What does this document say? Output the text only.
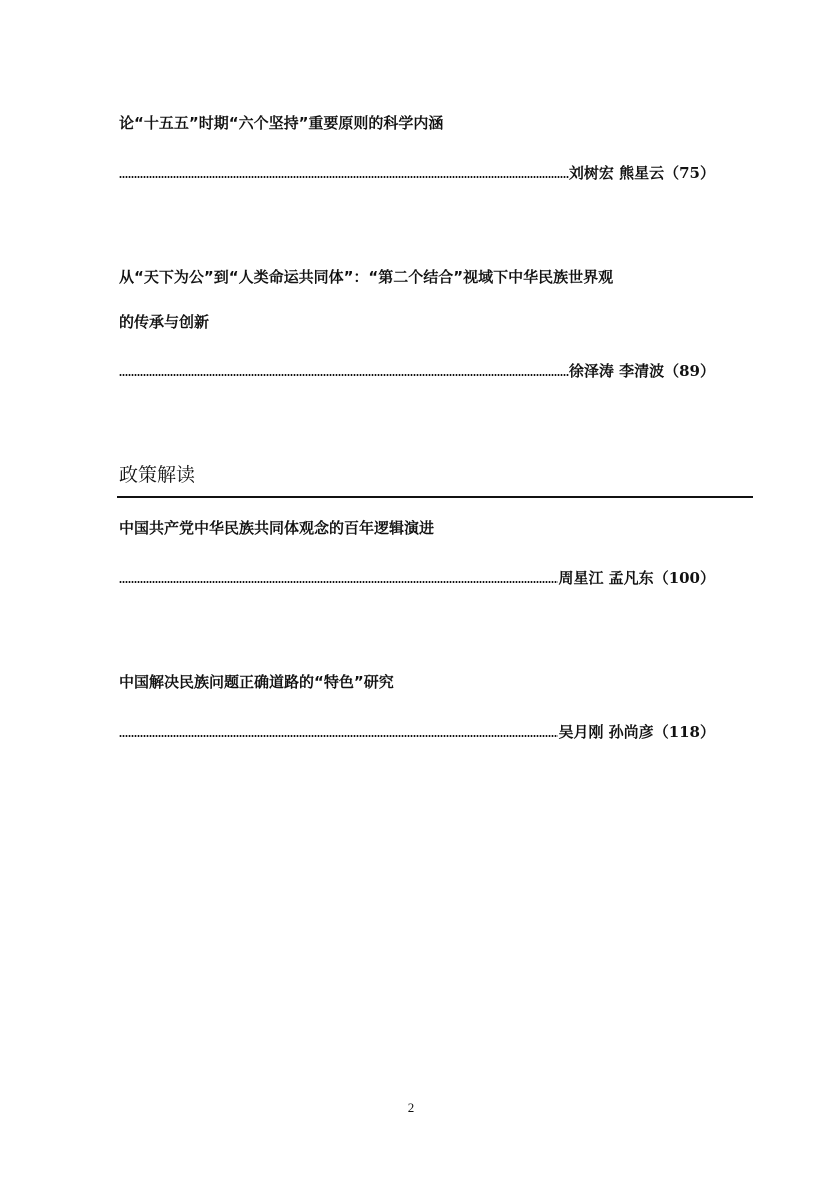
论“十五五”时期“六个坚持”重要原则的科学内涵
刘树宏 熊星云 （75）
从“天下为公”到“人类命运共同体”：“第二个结合”视域下中华民族世界观
的传承与创新
徐泽涛 李清波 （89）
政策解读
中国共产党中华民族共同体观念的百年逻辑演进
周星江 孟凡东 （100）
中国解决民族问题正确道路的“特色”研究
吴月刚 孙尚彦 （118）
2
